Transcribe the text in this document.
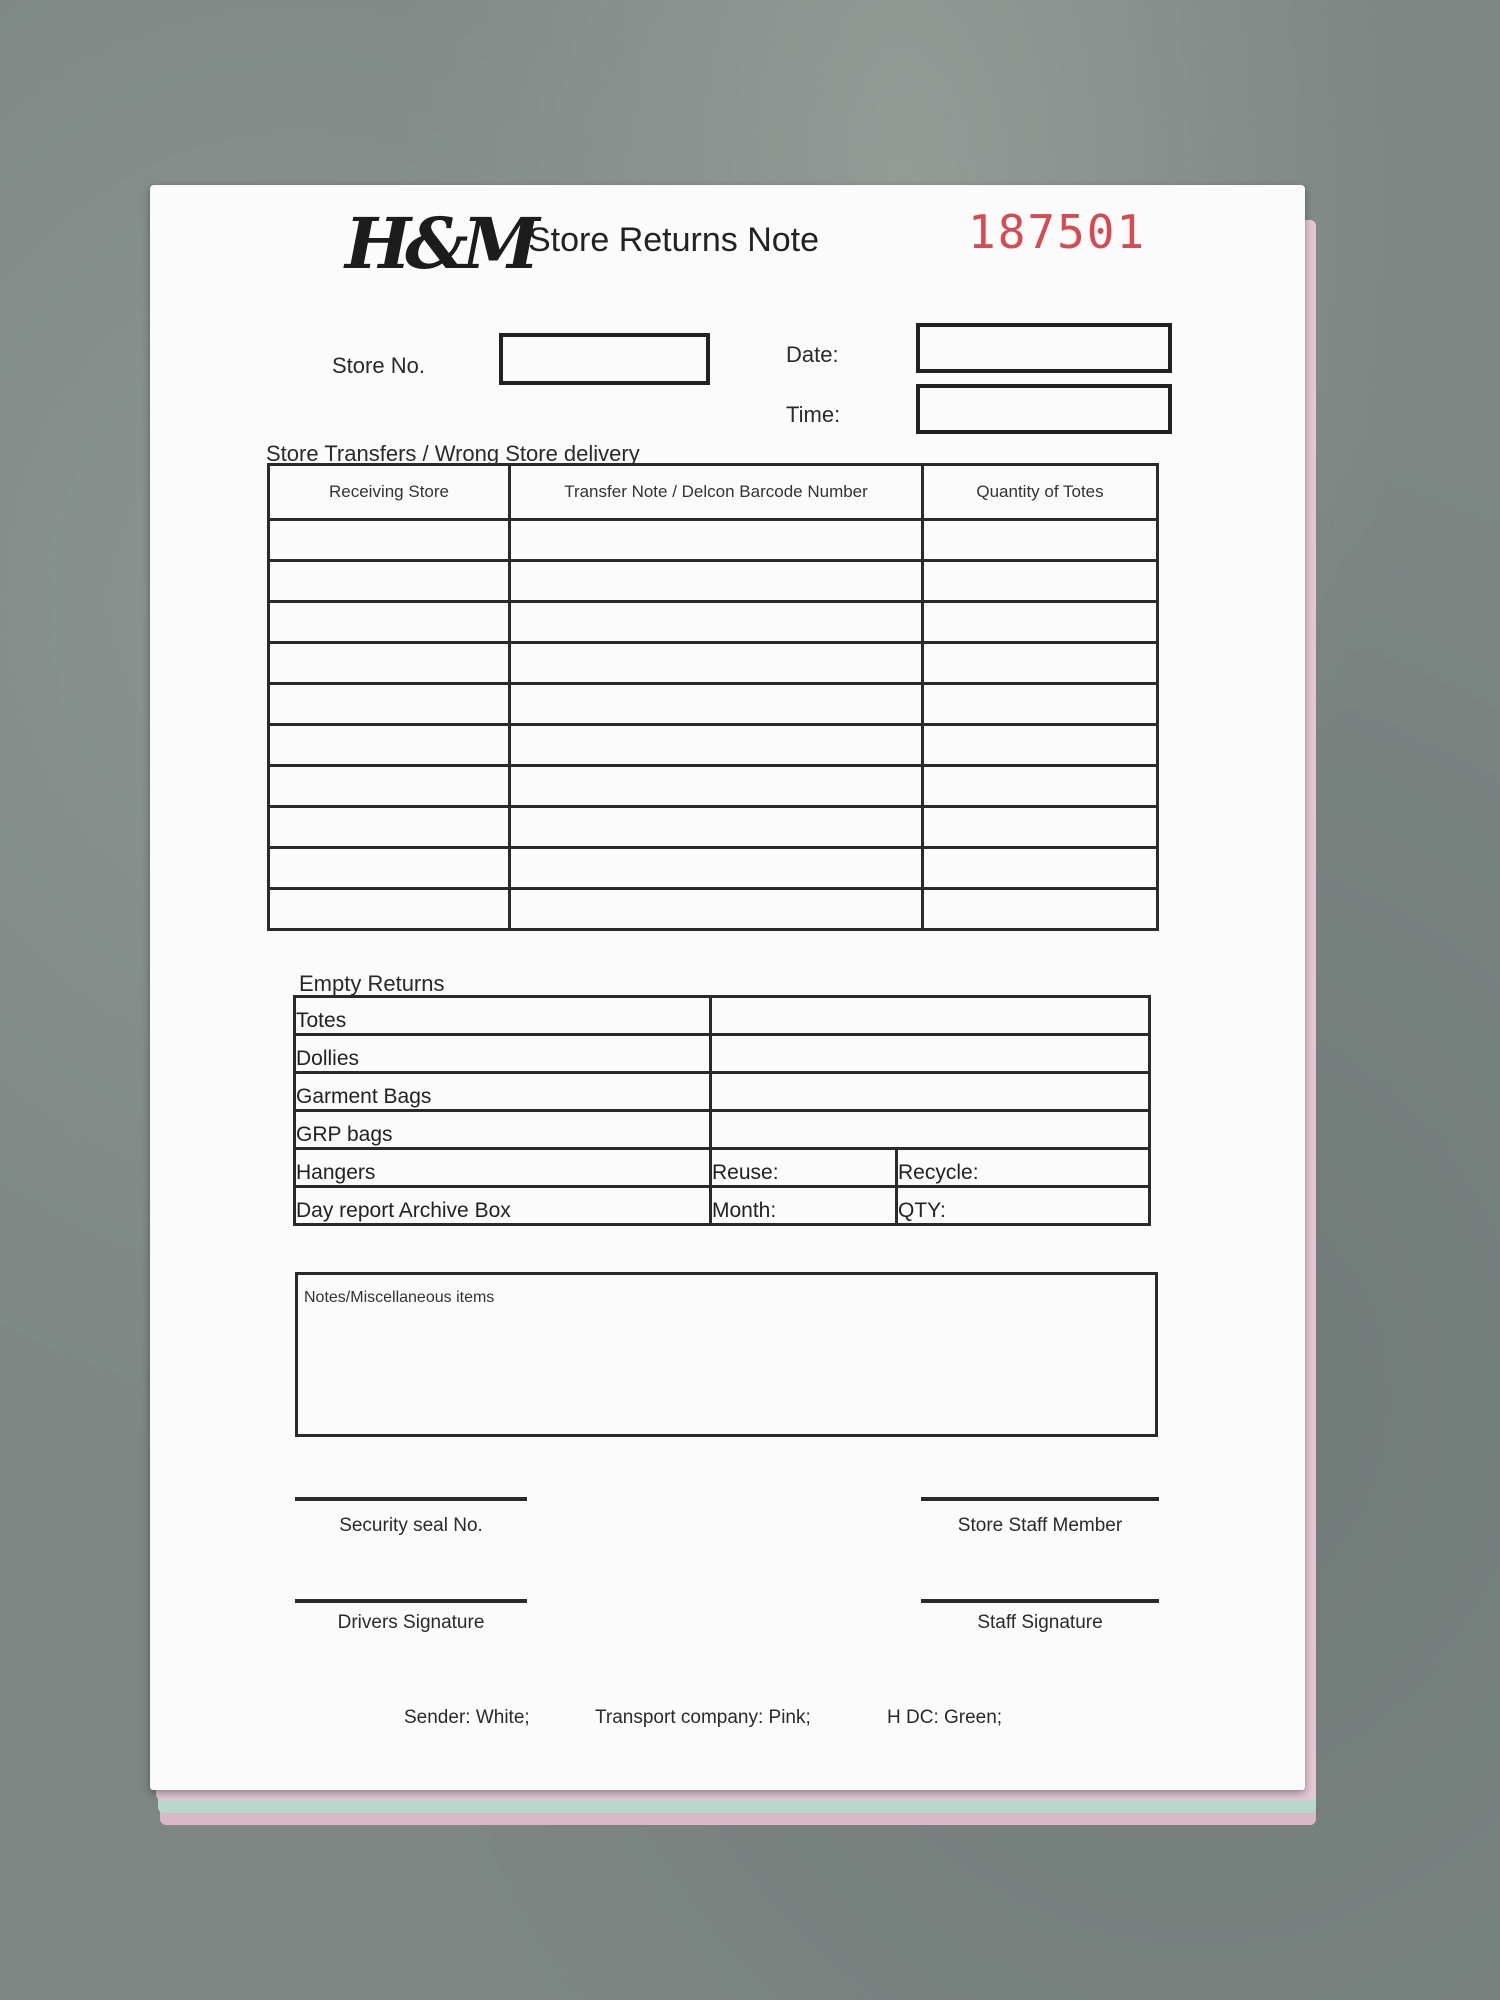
H&M
Store Returns Note	187501
Store No.	Date:
Time:
Store Transfers / Wrong Store delivery
Receiving Store	Transfer Note / Delcon Barcode Number	Quantity of Totes

Empty Returns
Totes		
Dollies		
Garment Bags		
GRP bags		
Hangers	Reuse:	Recycle:
Day report Archive Box	Month:	QTY:
Notes/Miscellaneous items
Security seal No.	Store Staff Member
Drivers Signature	Staff Signature
Sender: White;	Transport company: Pink;	H DC: Green;
